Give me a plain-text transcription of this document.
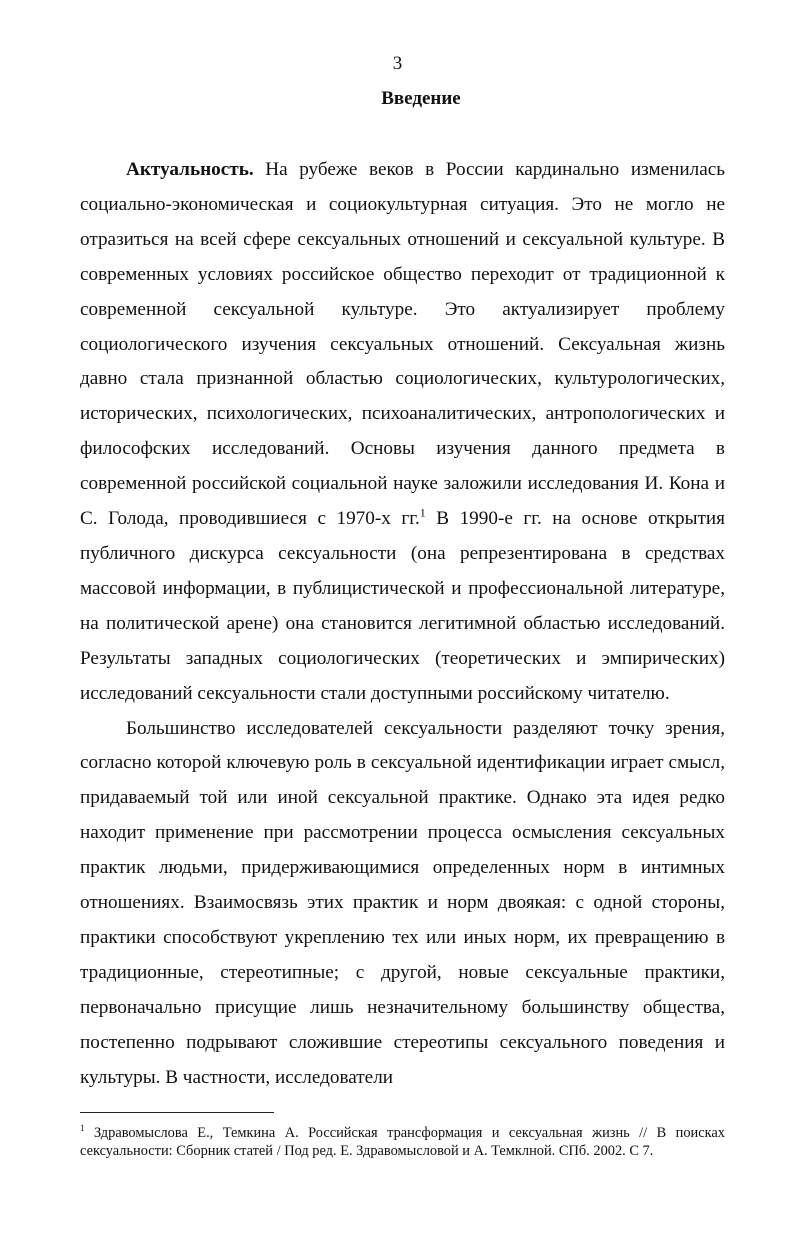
3
Введение

Актуальность. На рубеже веков в России кардинально изменилась социально-экономическая и социокультурная ситуация. Это не могло не отразиться на всей сфере сексуальных отношений и сексуальной культуре. В современных условиях российское общество переходит от традиционной к современной сексуальной культуре. Это актуализирует проблему социологического изучения сексуальных отношений. Сексуальная жизнь давно стала признанной областью социологических, культурологических, исторических, психологических, психоаналитических, антропологических и философских исследований. Основы изучения данного предмета в современной российской социальной науке заложили исследования И. Кона и С. Голода, проводившиеся с 1970-х гг.$^1$ В 1990-е гг. на основе открытия публичного дискурса сексуальности (она репрезентирована в средствах массовой информации, в публицистической и профессиональной литературе, на политической арене) она становится легитимной областью исследований. Результаты западных социологических (теоретических и эмпирических) исследований сексуальности стали доступными российскому читателю.

Большинство исследователей сексуальности разделяют точку зрения, согласно которой ключевую роль в сексуальной идентификации играет смысл, придаваемый той или иной сексуальной практике. Однако эта идея редко находит применение при рассмотрении процесса осмысления сексуальных практик людьми, придерживающимися определенных норм в интимных отношениях. Взаимосвязь этих практик и норм двоякая: с одной стороны, практики способствуют укреплению тех или иных норм, их превращению в традиционные, стереотипные; с другой, новые сексуальные практики, первоначально присущие лишь незначительному большинству общества, постепенно подрывают сложившие стереотипы сексуального поведения и культуры. В частности, исследователи

$^1$ Здравомыслова Е., Темкина А. Российская трансформация и сексуальная жизнь // В поисках сексуальности: Сборник статей / Под ред. Е. Здравомысловой и А. Темклной. СПб. 2002. С 7.
